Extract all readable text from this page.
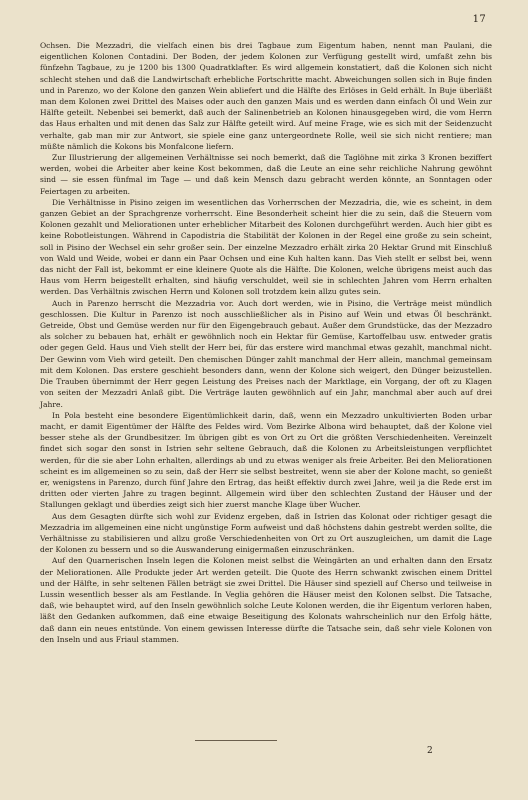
17

Ochsen. Die Mezzadri, die vielfach einen bis drei Tagbaue zum Eigentum haben, nennt man Paulani, die eigentlichen Kolonen Contadini. Der Boden, der jedem Kolonen zur Verfügung gestellt wird, umfaßt zehn bis fünfzehn Tagbaue, zu je 1200 bis 1300 Quadratklafter. Es wird allgemein konstatiert, daß die Kolonen sich nicht schlecht stehen und daß die Landwirtschaft erhebliche Fortschritte macht. Abweichungen sollen sich in Buje finden und in Parenzo, wo der Kolone den ganzen Wein abliefert und die Hälfte des Erlöses in Geld erhält. In Buje überläßt man dem Kolonen zwei Drittel des Maises oder auch den ganzen Mais und es werden dann einfach Öl und Wein zur Hälfte geteilt. Nebenbei sei bemerkt, daß auch der Salinenbetrieb an Kolonen hinausgegeben wird, die vom Herrn das Haus erhalten und mit denen das Salz zur Hälfte geteilt wird. Auf meine Frage, wie es sich mit der Seidenzucht verhalte, gab man mir zur Antwort, sie spiele eine ganz untergeordnete Rolle, weil sie sich nicht rentiere; man müßte nämlich die Kokons bis Monfalcone liefern.

Zur Illustrierung der allgemeinen Verhältnisse sei noch bemerkt, daß die Taglöhne mit zirka 3 Kronen beziffert werden, wobei die Arbeiter aber keine Kost bekommen, daß die Leute an eine sehr reichliche Nahrung gewöhnt sind — sie essen fünfmal im Tage — und daß kein Mensch dazu gebracht werden könnte, an Sonntagen oder Feiertagen zu arbeiten.

Die Verhältnisse in Pisino zeigen im wesentlichen das Vorherrschen der Mezzadria, die, wie es scheint, in dem ganzen Gebiet an der Sprachgrenze vorherrscht. Eine Besonderheit scheint hier die zu sein, daß die Steuern vom Kolonen gezahlt und Meliorationen unter erheblicher Mitarbeit des Kolonen durchgeführt werden. Auch hier gibt es keine Robotleistungen. Während in Capodistria die Stabilität der Kolonen in der Regel eine große zu sein scheint, soll in Pisino der Wechsel ein sehr großer sein. Der einzelne Mezzadro erhält zirka 20 Hektar Grund mit Einschluß von Wald und Weide, wobei er dann ein Paar Ochsen und eine Kuh halten kann. Das Vieh stellt er selbst bei, wenn das nicht der Fall ist, bekommt er eine kleinere Quote als die Hälfte. Die Kolonen, welche übrigens meist auch das Haus vom Herrn beigestellt erhalten, sind häufig verschuldet, weil sie in schlechten Jahren vom Herrn erhalten werden. Das Verhältnis zwischen Herrn und Kolonen soll trotzdem kein allzu gutes sein.

Auch in Parenzo herrscht die Mezzadria vor. Auch dort werden, wie in Pisino, die Verträge meist mündlich geschlossen. Die Kultur in Parenzo ist noch ausschließlicher als in Pisino auf Wein und etwas Öl beschränkt. Getreide, Obst und Gemüse werden nur für den Eigengebrauch gebaut. Außer dem Grundstücke, das der Mezzadro als solcher zu bebauen hat, erhält er gewöhnlich noch ein Hektar für Gemüse, Kartoffelbau usw. entweder gratis oder gegen Geld. Haus und Vieh stellt der Herr bei, für das erstere wird manchmal etwas gezahlt, manchmal nicht. Der Gewinn vom Vieh wird geteilt. Den chemischen Dünger zahlt manchmal der Herr allein, manchmal gemeinsam mit dem Kolonen. Das erstere geschieht besonders dann, wenn der Kolone sich weigert, den Dünger beizustellen. Die Trauben übernimmt der Herr gegen Leistung des Preises nach der Marktlage, ein Vorgang, der oft zu Klagen von seiten der Mezzadri Anlaß gibt. Die Verträge lauten gewöhnlich auf ein Jahr, manchmal aber auch auf drei Jahre.

In Pola besteht eine besondere Eigentümlichkeit darin, daß, wenn ein Mezzadro unkultivierten Boden urbar macht, er damit Eigentümer der Hälfte des Feldes wird. Vom Bezirke Albona wird behauptet, daß der Kolone viel besser stehe als der Grundbesitzer. Im übrigen gibt es von Ort zu Ort die größten Verschiedenheiten. Vereinzelt findet sich sogar den sonst in Istrien sehr seltene Gebrauch, daß die Kolonen zu Arbeitsleistungen verpflichtet werden, für die sie aber Lohn erhalten, allerdings ab und zu etwas weniger als freie Arbeiter. Bei den Meliorationen scheint es im allgemeinen so zu sein, daß der Herr sie selbst bestreitet, wenn sie aber der Kolone macht, so genießt er, wenigstens in Parenzo, durch fünf Jahre den Ertrag, das heißt effektiv durch zwei Jahre, weil ja die Rede erst im dritten oder vierten Jahre zu tragen beginnt. Allgemein wird über den schlechten Zustand der Häuser und der Stallungen geklagt und überdies zeigt sich hier zuerst manche Klage über Wucher.

Aus dem Gesagten dürfte sich wohl zur Evidenz ergeben, daß in Istrien das Kolonat oder richtiger gesagt die Mezzadria im allgemeinen eine nicht ungünstige Form aufweist und daß höchstens dahin gestrebt werden sollte, die Verhältnisse zu stabilisieren und allzu große Verschiedenheiten von Ort zu Ort auszugleichen, um damit die Lage der Kolonen zu bessern und so die Auswanderung einigermaßen einzuschränken.

Auf den Quarnerischen Inseln legen die Kolonen meist selbst die Weingärten an und erhalten dann den Ersatz der Meliorationen. Alle Produkte jeder Art werden geteilt. Die Quote des Herrn schwankt zwischen einem Drittel und der Hälfte, in sehr seltenen Fällen beträgt sie zwei Drittel. Die Häuser sind speziell auf Cherso und teilweise in Lussin wesentlich besser als am Festlande. In Veglia gehören die Häuser meist den Kolonen selbst. Die Tatsache, daß, wie behauptet wird, auf den Inseln gewöhnlich solche Leute Kolonen werden, die ihr Eigentum verloren haben, läßt den Gedanken aufkommen, daß eine etwaige Beseitigung des Kolonats wahrscheinlich nur den Erfolg hätte, daß dann ein neues entstünde. Von einem gewissen Interesse dürfte die Tatsache sein, daß sehr viele Kolonen von den Inseln und aus Friaul stammen.

2
